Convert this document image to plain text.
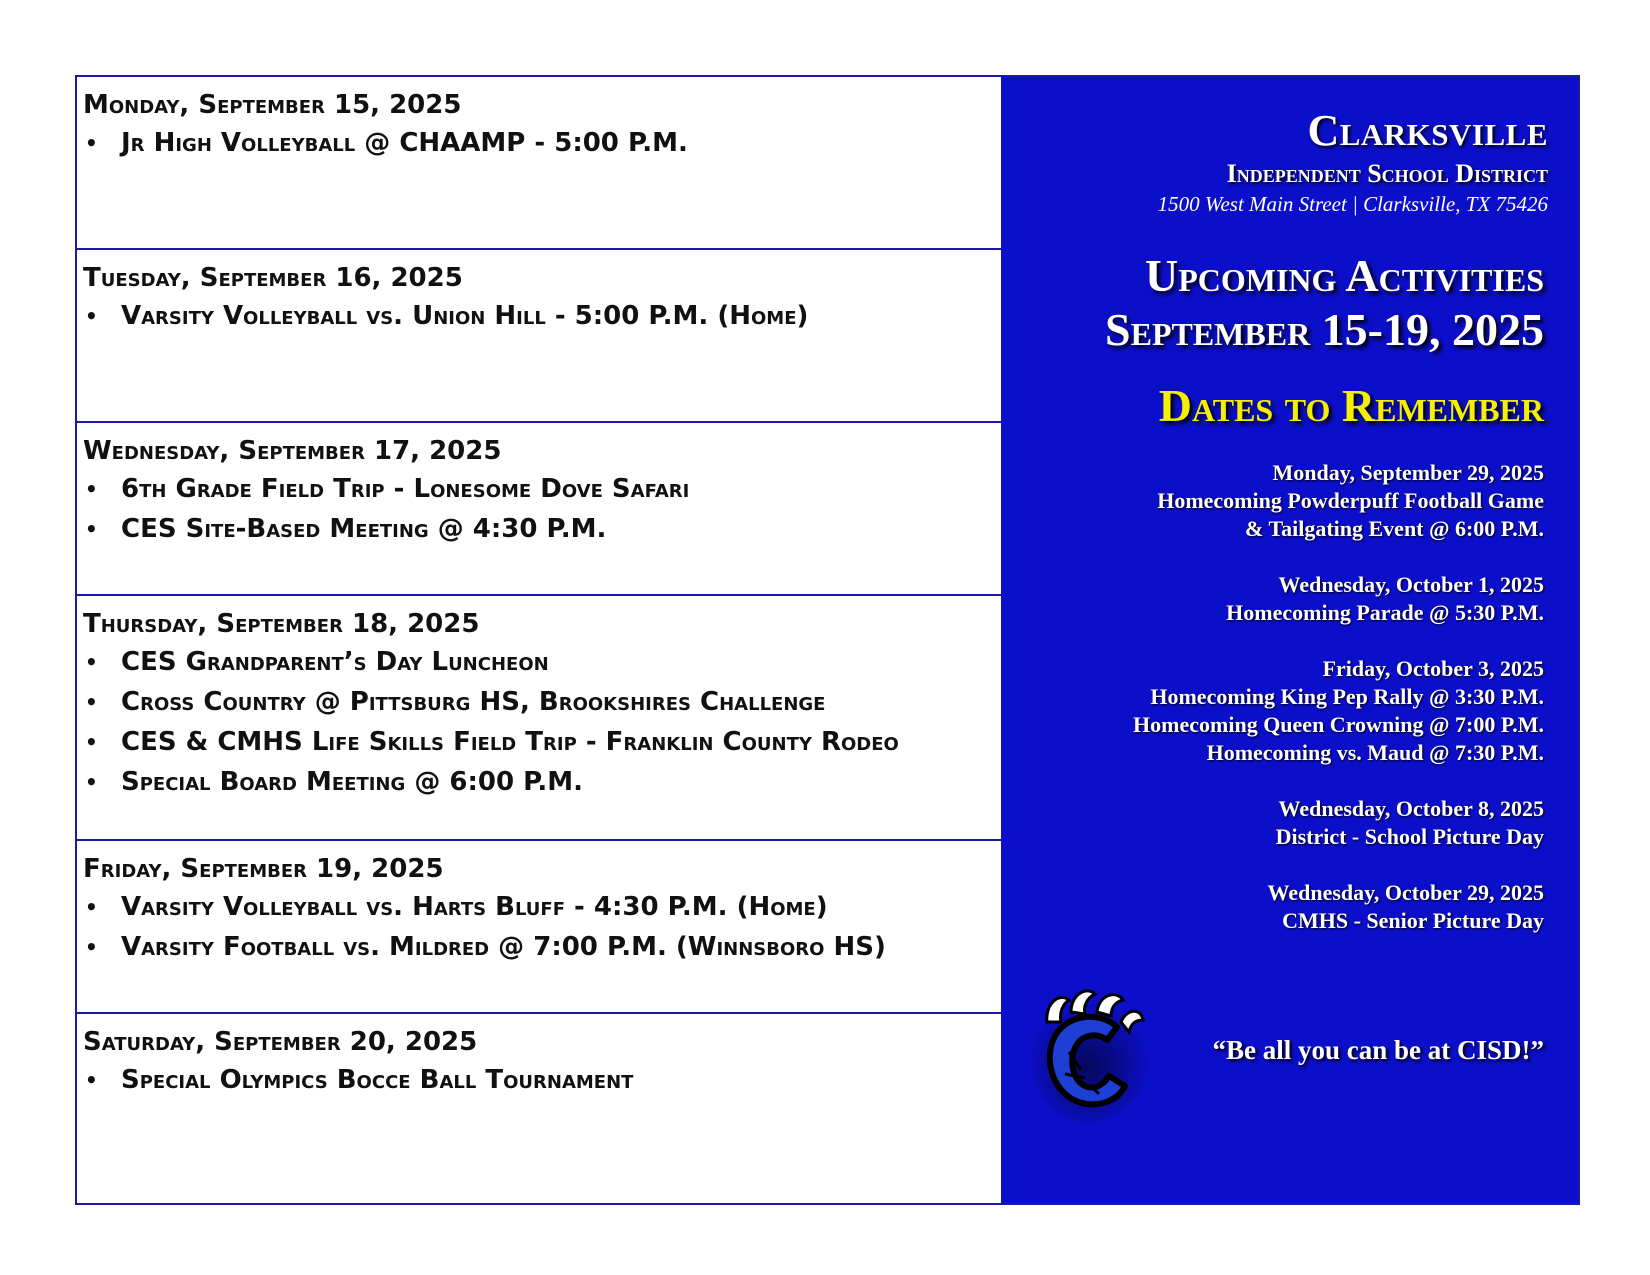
Monday, September 15, 2025
• Jr High Volleyball @ CHAAMP - 5:00 P.M.
Tuesday, September 16, 2025
• Varsity Volleyball vs. Union Hill - 5:00 P.M. (Home)
Wednesday, September 17, 2025
• 6th Grade Field Trip - Lonesome Dove Safari
• CES Site-Based Meeting @ 4:30 P.M.
Thursday, September 18, 2025
• CES Grandparent’s Day Luncheon
• Cross Country @ Pittsburg HS, Brookshires Challenge
• CES & CMHS Life Skills Field Trip - Franklin County Rodeo
• Special Board Meeting @ 6:00 P.M.
Friday, September 19, 2025
• Varsity Volleyball vs. Harts Bluff - 4:30 P.M. (Home)
• Varsity Football vs. Mildred @ 7:00 P.M. (Winnsboro HS)
Saturday, September 20, 2025
• Special Olympics Bocce Ball Tournament
Clarksville
Independent School District
1500 West Main Street | Clarksville, TX 75426
Upcoming Activities
September 15-19, 2025
Dates to Remember
Monday, September 29, 2025
Homecoming Powderpuff Football Game
& Tailgating Event @ 6:00 P.M.
Wednesday, October 1, 2025
Homecoming Parade @ 5:30 P.M.
Friday, October 3, 2025
Homecoming King Pep Rally @ 3:30 P.M.
Homecoming Queen Crowning @ 7:00 P.M.
Homecoming vs. Maud @ 7:30 P.M.
Wednesday, October 8, 2025
District - School Picture Day
Wednesday, October 29, 2025
CMHS - Senior Picture Day
“Be all you can be at CISD!”
